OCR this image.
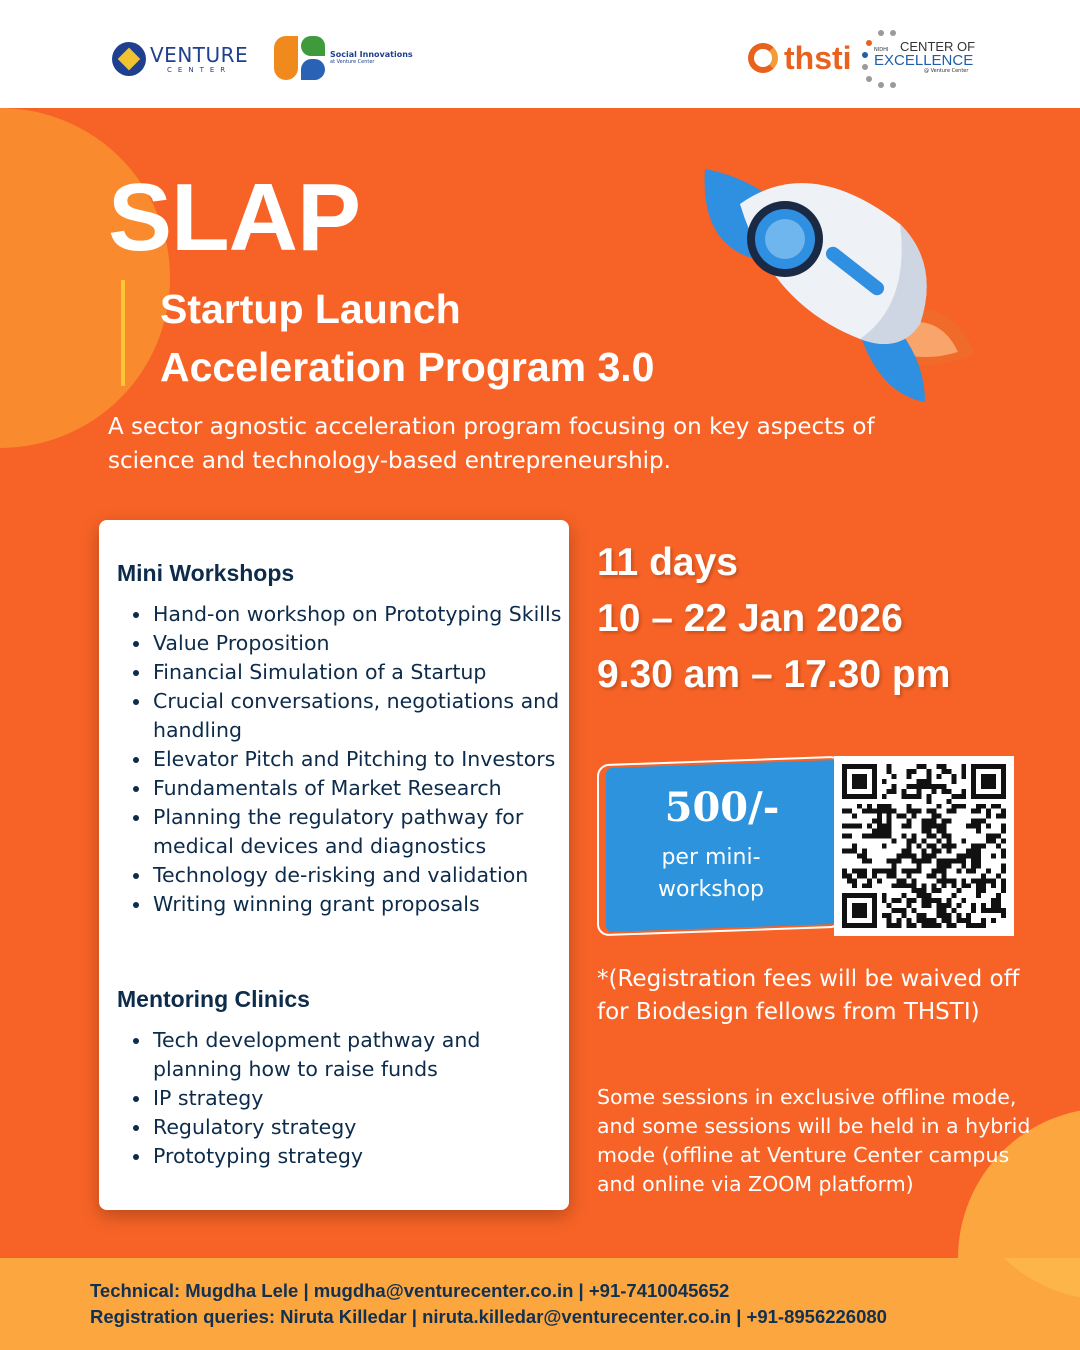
VENTURE
CENTER
Social Innovations
at Venture Center	thsti	NIDHI CENTER OF
EXCELLENCE
@ Venture Center
SLAP
Startup Launch
Acceleration Program 3.0
A sector agnostic acceleration program focusing on key aspects of science and technology-based entrepreneurship.
Mini Workshops
Hand-on workshop on Prototyping Skills
Value Proposition
Financial Simulation of a Startup
Crucial conversations, negotiations and handling
Elevator Pitch and Pitching to Investors
Fundamentals of Market Research
Planning the regulatory pathway for medical devices and diagnostics
Technology de-risking and validation
Writing winning grant proposals
Mentoring Clinics
Tech development pathway and planning how to raise funds
IP strategy
Regulatory strategy
Prototyping strategy
11 days
10 – 22 Jan 2026
9.30 am – 17.30 pm
500/-
per mini-workshop
*(Registration fees will be waived off for Biodesign fellows from THSTI)
Some sessions in exclusive offline mode, and some sessions will be held in a hybrid mode (offline at Venture Center campus and online via ZOOM platform)

Technical: Mugdha Lele | mugdha@venturecenter.co.in | +91-7410045652

Registration queries: Niruta Killedar | niruta.killedar@venturecenter.co.in | +91-8956226080
